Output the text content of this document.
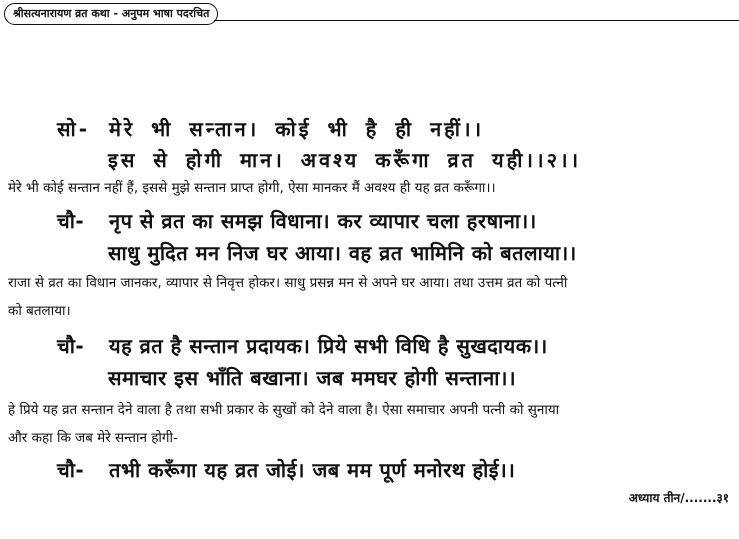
श्रीसत्यनारायण व्रत कथा - अनुपम भाषा पदरचित
सो- मेरे भी सन्तान। कोई भी है ही नहीं।।
इस से होगी मान। अवश्य करूँगा व्रत यही।।२।।
मेरे भी कोई सन्तान नहीं हैं, इससे मुझे सन्तान प्राप्त होगी, ऐसा मानकर मैं अवश्य ही यह व्रत करूँगा।।
चौ- नृप से व्रत का समझ विधाना। कर व्यापार चला हरषाना।।
साधु मुदित मन निज घर आया। वह व्रत भामिनि को बतलाया।।
राजा से व्रत का विधान जानकर, व्यापार से निवृत्त होकर। साधु प्रसन्न मन से अपने घर आया। तथा उत्तम व्रत को पत्नी
को बतलाया।
चौ- यह व्रत है सन्तान प्रदायक। प्रिये सभी विधि है सुखदायक।।
समाचार इस भाँति बखाना। जब ममघर होगी सन्ताना।।
हे प्रिये यह व्रत सन्तान देने वाला है तथा सभी प्रकार के सुखों को देने वाला है। ऐसा समाचार अपनी पत्नी को सुनाया
और कहा कि जब मेरे सन्तान होगी-
चौ- तभी करूँगा यह व्रत जोई। जब मम पूर्ण मनोरथ होई।।
अध्याय तीन/.......३१
